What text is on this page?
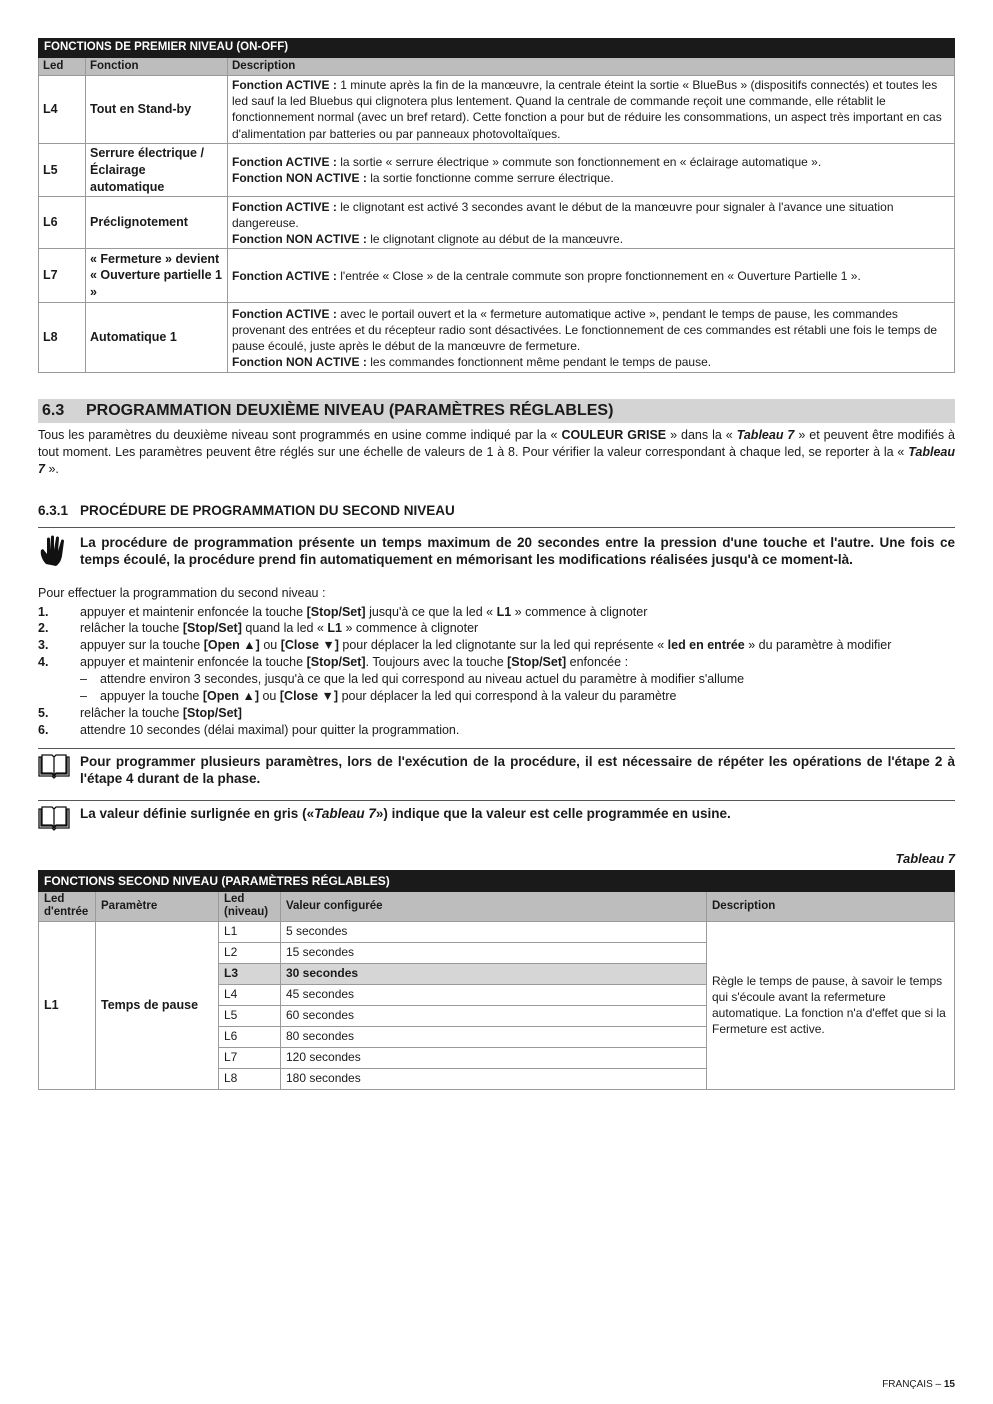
FONCTIONS DE PREMIER NIVEAU (ON-OFF)		
Led	Fonction	Description
L4	Tout en Stand-by	Fonction ACTIVE : 1 minute après la fin de la manœuvre, la centrale éteint la sortie « BlueBus » (dispositifs connectés) et toutes les led sauf la led Bluebus qui clignotera plus lentement. Quand la centrale de commande reçoit une commande, elle rétablit le fonctionnement normal (avec un bref retard). Cette fonction a pour but de réduire les consommations, un aspect très important en cas d'alimentation par batteries ou par panneaux photovoltaïques.
L5	Serrure électrique / Éclairage automatique	Fonction ACTIVE : la sortie « serrure électrique » commute son fonctionnement en « éclairage automatique ».
Fonction NON ACTIVE : la sortie fonctionne comme serrure électrique.
L6	Préclignotement	Fonction ACTIVE : le clignotant est activé 3 secondes avant le début de la manœuvre pour signaler à l'avance une situation dangereuse.
Fonction NON ACTIVE : le clignotant clignote au début de la manœuvre.
L7	« Fermeture » devient « Ouverture partielle 1 »	Fonction ACTIVE : l'entrée « Close » de la centrale commute son propre fonctionnement en « Ouverture Partielle 1 ».
L8	Automatique 1	Fonction ACTIVE : avec le portail ouvert et la « fermeture automatique active », pendant le temps de pause, les commandes provenant des entrées et du récepteur radio sont désactivées. Le fonctionnement de ces commandes est rétabli une fois le temps de pause écoulé, juste après le début de la manœuvre de fermeture.
Fonction NON ACTIVE : les commandes fonctionnent même pendant le temps de pause.
6.3 PROGRAMMATION DEUXIÈME NIVEAU (PARAMÈTRES RÉGLABLES)

Tous les paramètres du deuxième niveau sont programmés en usine comme indiqué par la « COULEUR GRISE » dans la « Tableau 7 » et peuvent être modifiés à tout moment. Les paramètres peuvent être réglés sur une échelle de valeurs de 1 à 8. Pour vérifier la valeur correspondant à chaque led, se reporter à la « Tableau 7 ».

6.3.1 PROCÉDURE DE PROGRAMMATION DU SECOND NIVEAU
La procédure de programmation présente un temps maximum de 20 secondes entre la pression d'une touche et l'autre. Une fois ce temps écoulé, la procédure prend fin automatiquement en mémorisant les modifications réalisées jusqu'à ce moment-là.

Pour effectuer la programmation du second niveau :

1.	appuyer et maintenir enfoncée la touche [Stop/Set] jusqu'à ce que la led « L1 » commence à clignoter
2.	relâcher la touche [Stop/Set] quand la led « L1 » commence à clignoter
3.	appuyer sur la touche [Open ▲] ou [Close ▼] pour déplacer la led clignotante sur la led qui représente « led en entrée » du paramètre à modifier
4.	appuyer et maintenir enfoncée la touche [Stop/Set]. Toujours avec la touche [Stop/Set] enfoncée :
–	attendre environ 3 secondes, jusqu'à ce que la led qui correspond au niveau actuel du paramètre à modifier s'allume
–	appuyer la touche [Open ▲] ou [Close ▼] pour déplacer la led qui correspond à la valeur du paramètre
5.	relâcher la touche [Stop/Set]
6.	attendre 10 secondes (délai maximal) pour quitter la programmation.
Pour programmer plusieurs paramètres, lors de l'exécution de la procédure, il est nécessaire de répéter les opérations de l'étape 2 à l'étape 4 durant de la phase.
La valeur définie surlignée en gris («Tableau 7») indique que la valeur est celle programmée en usine.
Tableau 7
FONCTIONS SECOND NIVEAU (PARAMÈTRES RÉGLABLES)				
Led d'entrée	Paramètre	Led (niveau)	Valeur configurée	Description
L1	Temps de pause	L1	5 secondes	Règle le temps de pause, à savoir le temps qui s'écoule avant la refermeture automatique. La fonction n'a d'effet que si la Fermeture est active.
		L2	15 secondes	
		L3	30 secondes	
		L4	45 secondes	
		L5	60 secondes	
		L6	80 secondes	
		L7	120 secondes	
		L8	180 secondes	
FRANÇAIS – 15
